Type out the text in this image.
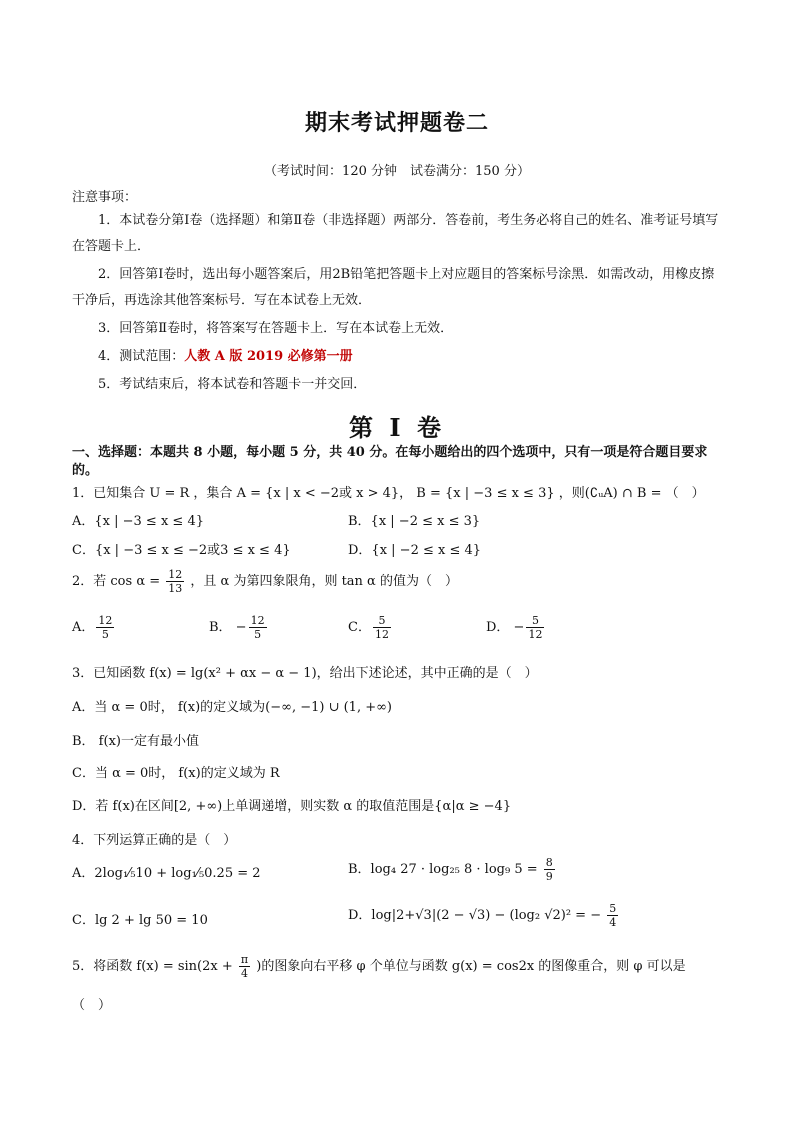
期末考试押题卷二
（考试时间：120 分钟　试卷满分：150 分）
注意事项：
1．本试卷分第Ⅰ卷（选择题）和第Ⅱ卷（非选择题）两部分．答卷前，考生务必将自己的姓名、准考证号填写在答题卡上．
2．回答第Ⅰ卷时，选出每小题答案后，用2B铅笔把答题卡上对应题目的答案标号涂黑．如需改动，用橡皮擦干净后，再选涂其他答案标号．写在本试卷上无效．
3．回答第Ⅱ卷时，将答案写在答题卡上．写在本试卷上无效．
4．测试范围：人教 A 版 2019 必修第一册
5．考试结束后，将本试卷和答题卡一并交回．
第 I 卷
一、选择题：本题共 8 小题，每小题 5 分，共 40 分。在每小题给出的四个选项中，只有一项是符合题目要求的。
1．已知集合 U = R ，集合 A = {x | x < −2或 x > 4}， B = {x | −3 ≤ x ≤ 3} ，则(∁ᵤA) ∩ B = （　）
A．{x | −3 ≤ x ≤ 4}	B．{x | −2 ≤ x ≤ 3}
C．{x | −3 ≤ x ≤ −2或3 ≤ x ≤ 4}	D．{x | −2 ≤ x ≤ 4}
2．若 $\cos \alpha = \frac{12}{13}$ ，且 α 为第四象限角，则 tan α 的值为（　）
A． $\frac{12}{5}$	B． − $\frac{12}{5}$	C． $\frac{5}{12}$	D． − $\frac{5}{12}$
3．已知函数 f(x) = lg(x² + αx − α − 1)，给出下述论述，其中正确的是（　）
A．当 α = 0时， f(x)的定义域为(−∞, −1) ∪ (1, +∞)
B． f(x)一定有最小值
C．当 α = 0时， f(x)的定义域为 R
D．若 f(x)在区间[2, +∞)上单调递增，则实数 α 的取值范围是{α|α ≥ −4}
4．下列运算正确的是（　）
A．2log₁⁄₅10 + log₁⁄₅0.25 = 2	B．log₄ 27 · log₂₅ 8 · log₉ $5 = \frac{8}{9}$
C．lg 2 + lg 50 = 10	D．log|2+√3|(2 − √3) − (log₂ √2)² = − $\frac{5}{4}$
5．将函数 $f(x) = \sin(2x + \frac{\pi}{4}$ )的图象向右平移 φ 个单位与函数 g(x) = cos2x 的图像重合，则 φ 可以是
（　）
